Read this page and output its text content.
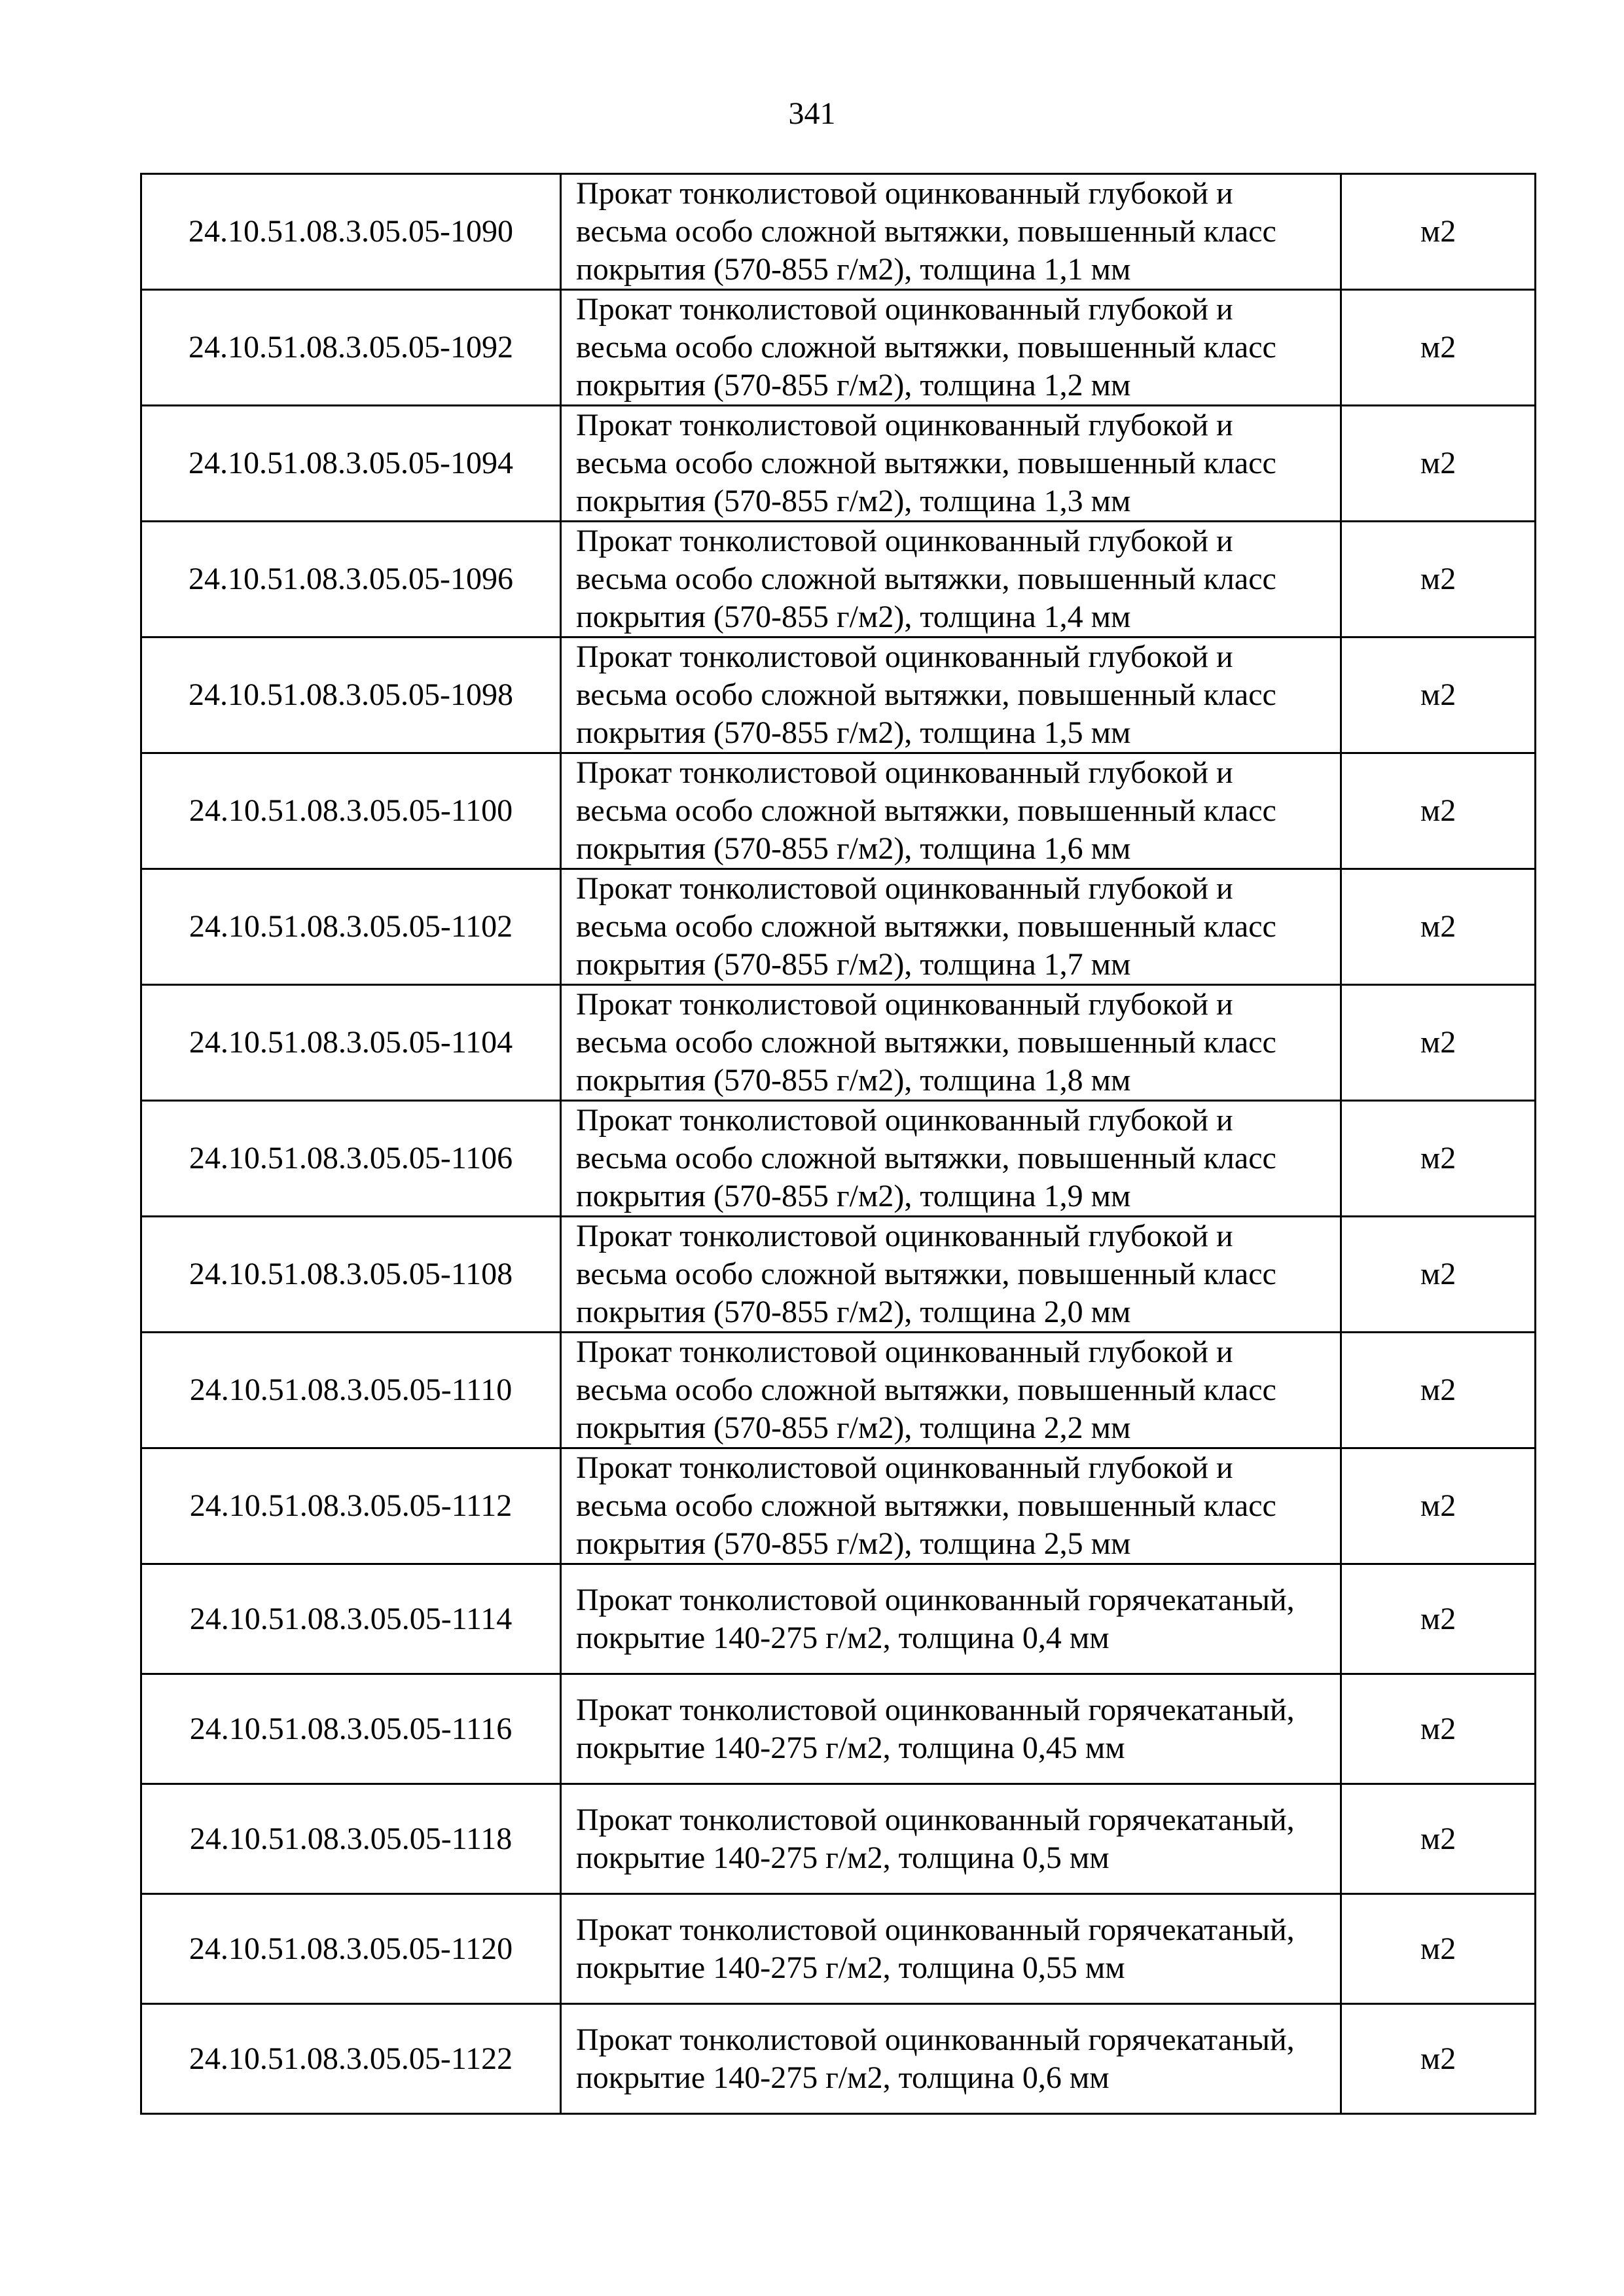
341
24.10.51.08.3.05.05-1090	Прокат тонколистовой оцинкованный глубокой и весьма особо сложной вытяжки, повышенный класс покрытия (570-855 г/м2), толщина 1,1 мм	м2
24.10.51.08.3.05.05-1092	Прокат тонколистовой оцинкованный глубокой и весьма особо сложной вытяжки, повышенный класс покрытия (570-855 г/м2), толщина 1,2 мм	м2
24.10.51.08.3.05.05-1094	Прокат тонколистовой оцинкованный глубокой и весьма особо сложной вытяжки, повышенный класс покрытия (570-855 г/м2), толщина 1,3 мм	м2
24.10.51.08.3.05.05-1096	Прокат тонколистовой оцинкованный глубокой и весьма особо сложной вытяжки, повышенный класс покрытия (570-855 г/м2), толщина 1,4 мм	м2
24.10.51.08.3.05.05-1098	Прокат тонколистовой оцинкованный глубокой и весьма особо сложной вытяжки, повышенный класс покрытия (570-855 г/м2), толщина 1,5 мм	м2
24.10.51.08.3.05.05-1100	Прокат тонколистовой оцинкованный глубокой и весьма особо сложной вытяжки, повышенный класс покрытия (570-855 г/м2), толщина 1,6 мм	м2
24.10.51.08.3.05.05-1102	Прокат тонколистовой оцинкованный глубокой и весьма особо сложной вытяжки, повышенный класс покрытия (570-855 г/м2), толщина 1,7 мм	м2
24.10.51.08.3.05.05-1104	Прокат тонколистовой оцинкованный глубокой и весьма особо сложной вытяжки, повышенный класс покрытия (570-855 г/м2), толщина 1,8 мм	м2
24.10.51.08.3.05.05-1106	Прокат тонколистовой оцинкованный глубокой и весьма особо сложной вытяжки, повышенный класс покрытия (570-855 г/м2), толщина 1,9 мм	м2
24.10.51.08.3.05.05-1108	Прокат тонколистовой оцинкованный глубокой и весьма особо сложной вытяжки, повышенный класс покрытия (570-855 г/м2), толщина 2,0 мм	м2
24.10.51.08.3.05.05-1110	Прокат тонколистовой оцинкованный глубокой и весьма особо сложной вытяжки, повышенный класс покрытия (570-855 г/м2), толщина 2,2 мм	м2
24.10.51.08.3.05.05-1112	Прокат тонколистовой оцинкованный глубокой и весьма особо сложной вытяжки, повышенный класс покрытия (570-855 г/м2), толщина 2,5 мм	м2
24.10.51.08.3.05.05-1114	Прокат тонколистовой оцинкованный горячекатаный, покрытие 140-275 г/м2, толщина 0,4 мм	м2
24.10.51.08.3.05.05-1116	Прокат тонколистовой оцинкованный горячекатаный, покрытие 140-275 г/м2, толщина 0,45 мм	м2
24.10.51.08.3.05.05-1118	Прокат тонколистовой оцинкованный горячекатаный, покрытие 140-275 г/м2, толщина 0,5 мм	м2
24.10.51.08.3.05.05-1120	Прокат тонколистовой оцинкованный горячекатаный, покрытие 140-275 г/м2, толщина 0,55 мм	м2
24.10.51.08.3.05.05-1122	Прокат тонколистовой оцинкованный горячекатаный, покрытие 140-275 г/м2, толщина 0,6 мм	м2
